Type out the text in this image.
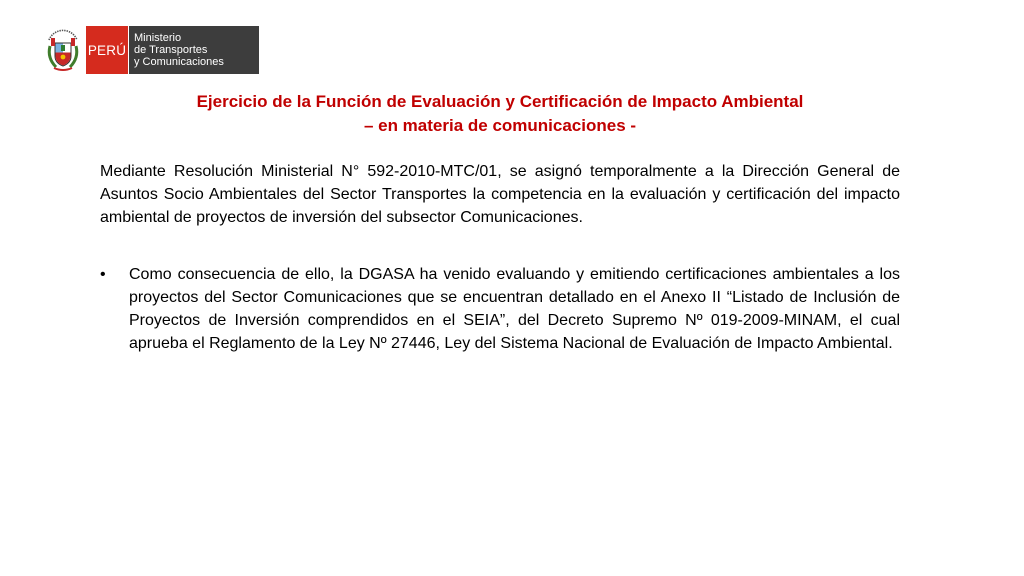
PERÚ
Ministerio
de Transportes
y Comunicaciones
Ejercicio de la Función de Evaluación y Certificación de Impacto Ambiental
– en materia de comunicaciones -

Mediante Resolución Ministerial N° 592-2010-MTC/01, se asignó temporalmente a la Dirección General de Asuntos Socio Ambientales del Sector Transportes la competencia en la evaluación y certificación del impacto ambiental de proyectos de inversión del subsector Comunicaciones.

•	Como consecuencia de ello, la DGASA ha venido evaluando y emitiendo certificaciones ambientales a los proyectos del Sector Comunicaciones que se encuentran detallado en el Anexo II “Listado de Inclusión de Proyectos de Inversión comprendidos en el SEIA”, del Decreto Supremo Nº 019-2009-MINAM, el cual aprueba el Reglamento de la Ley Nº 27446, Ley del Sistema Nacional de Evaluación de Impacto Ambiental.
